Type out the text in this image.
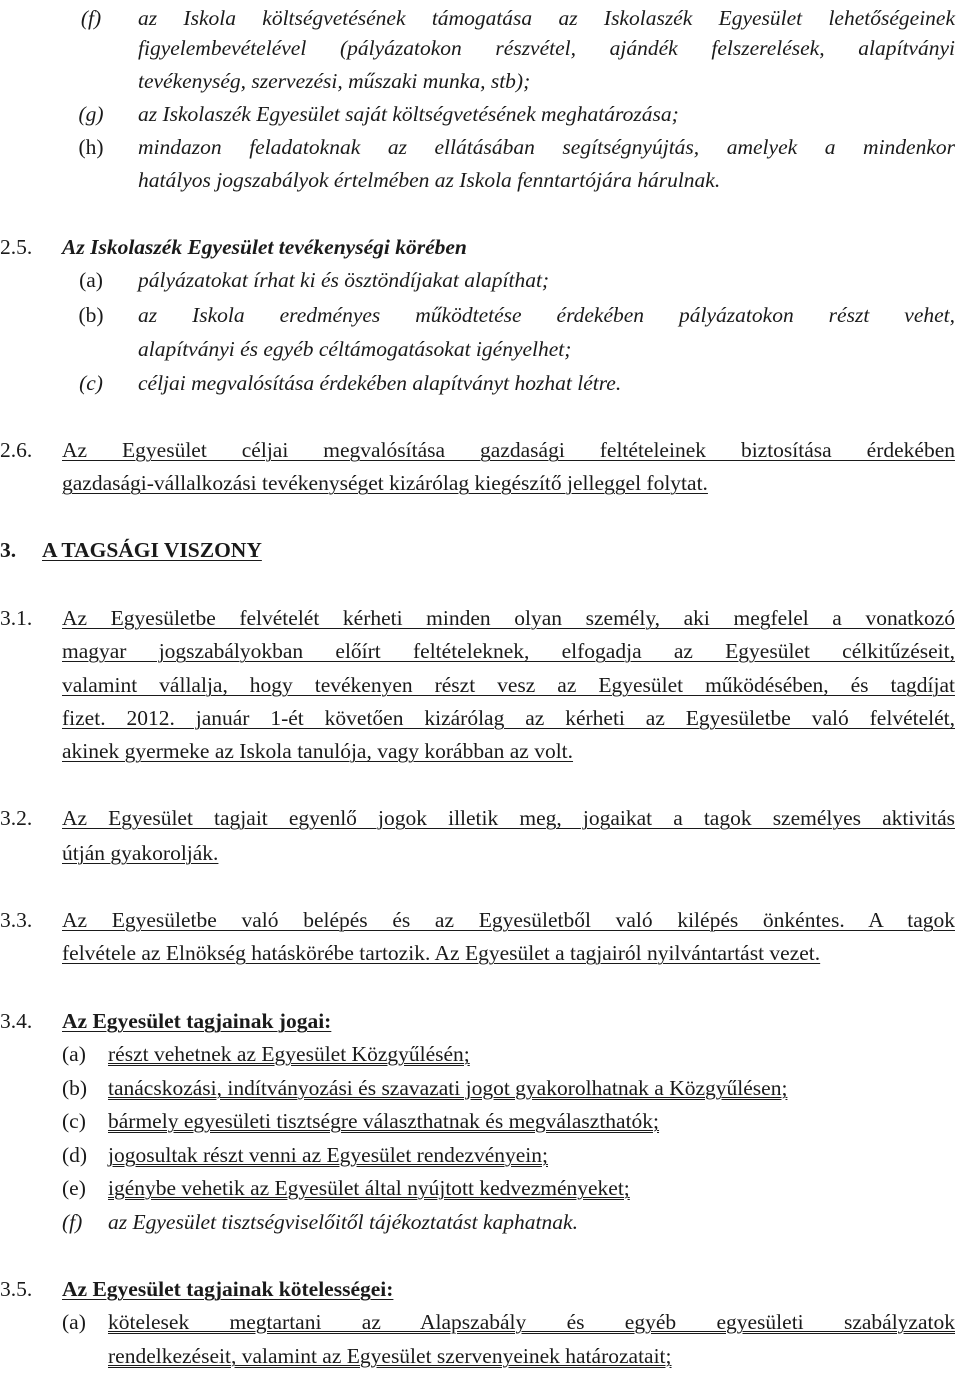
(f)	az Iskola költségvetésének támogatása az Iskolaszék Egyesület lehetőségeinek
figyelembevételével (pályázatokon részvétel, ajándék felszerelések, alapítványi
tevékenység, szervezési, műszaki munka, stb);
(g)	az Iskolaszék Egyesület saját költségvetésének meghatározása;
(h)	mindazon feladatoknak az ellátásában segítségnyújtás, amelyek a mindenkor
hatályos jogszabályok értelmében az Iskola fenntartójára hárulnak.
2.5. Az Iskolaszék Egyesület tevékenységi körében
(a)	pályázatokat írhat ki és ösztöndíjakat alapíthat;
(b)	az Iskola eredményes működtetése érdekében pályázatokon részt vehet,
alapítványi és egyéb céltámogatásokat igényelhet;
(c)	céljai megvalósítása érdekében alapítványt hozhat létre.
2.6. Az Egyesület céljai megvalósítása gazdasági feltételeinek biztosítása érdekében
gazdasági-vállalkozási tevékenységet kizárólag kiegészítő jelleggel folytat.
3. A TAGSÁGI VISZONY
3.1. Az Egyesületbe felvételét kérheti minden olyan személy, aki megfelel a vonatkozó
magyar jogszabályokban előírt feltételeknek, elfogadja az Egyesület célkitűzéseit,
valamint vállalja, hogy tevékenyen részt vesz az Egyesület működésében, és tagdíjat
fizet. 2012. január 1-ét követően kizárólag az kérheti az Egyesületbe való felvételét,
akinek gyermeke az Iskola tanulója, vagy korábban az volt.
3.2. Az Egyesület tagjait egyenlő jogok illetik meg, jogaikat a tagok személyes aktivitás
útján gyakorolják.
3.3. Az Egyesületbe való belépés és az Egyesületből való kilépés önkéntes. A tagok
felvétele az Elnökség hatáskörébe tartozik. Az Egyesület a tagjairól nyilvántartást vezet.
3.4. Az Egyesület tagjainak jogai:
(a)	részt vehetnek az Egyesület Közgyűlésén;
(b) tanácskozási, indítványozási és szavazati jogot gyakorolhatnak a Közgyűlésen;
(c)	bármely egyesületi tisztségre választhatnak és megválaszthatók;
(d) jogosultak részt venni az Egyesület rendezvényein;
(e)	igénybe vehetik az Egyesület által nyújtott kedvezményeket;
(f)	az Egyesület tisztségviselőitől tájékoztatást kaphatnak.
3.5. Az Egyesület tagjainak kötelességei:
(a)	kötelesek megtartani az Alapszabály és egyéb egyesületi szabályzatok
rendelkezéseit, valamint az Egyesület szervenyeinek határozatait;
